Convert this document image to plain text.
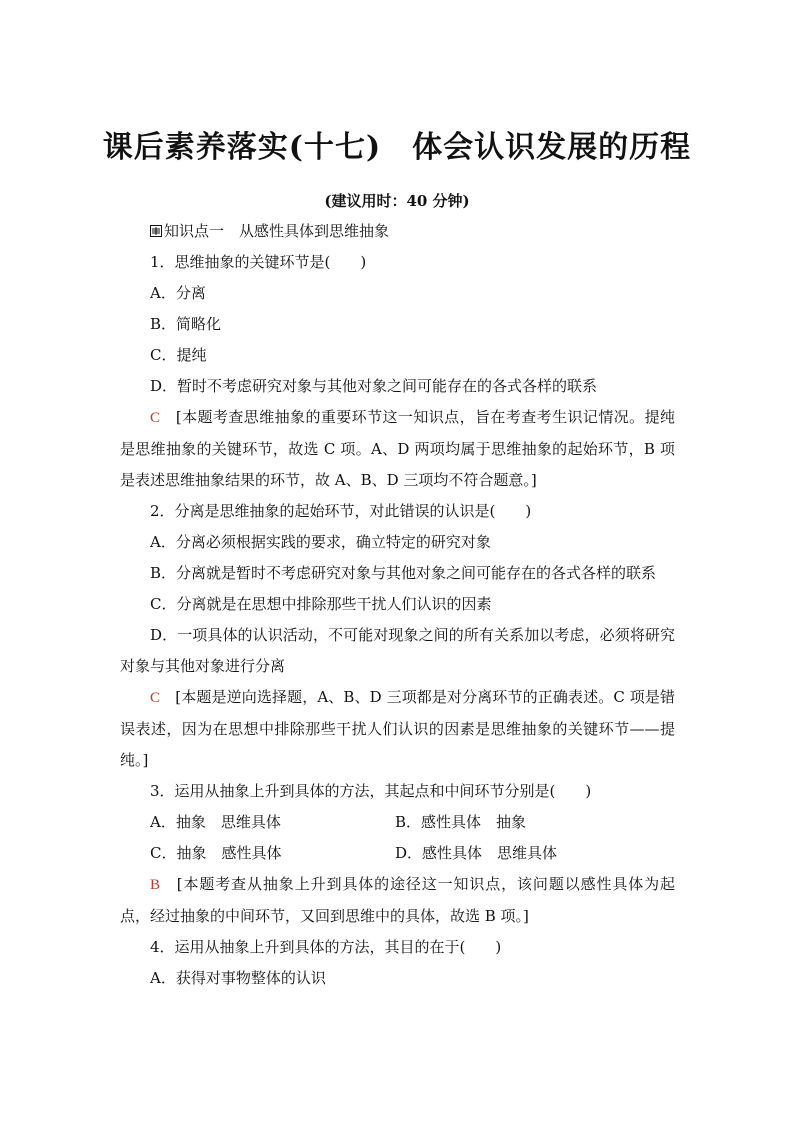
课后素养落实(十七)　体会认识发展的历程
(建议用时：40 分钟)
知识点一　从感性具体到思维抽象
1．思维抽象的关键环节是(　　)
A．分离
B．简略化
C．提纯
D．暂时不考虑研究对象与其他对象之间可能存在的各式各样的联系
C　[本题考查思维抽象的重要环节这一知识点，旨在考查考生识记情况。提纯是思维抽象的关键环节，故选 C 项。A、D 两项均属于思维抽象的起始环节，B 项是表述思维抽象结果的环节，故 A、B、D 三项均不符合题意。]
2．分离是思维抽象的起始环节，对此错误的认识是(　　)
A．分离必须根据实践的要求，确立特定的研究对象
B．分离就是暂时不考虑研究对象与其他对象之间可能存在的各式各样的联系
C．分离就是在思想中排除那些干扰人们认识的因素
D．一项具体的认识活动，不可能对现象之间的所有关系加以考虑，必须将研究对象与其他对象进行分离
C　[本题是逆向选择题，A、B、D 三项都是对分离环节的正确表述。C 项是错误表述，因为在思想中排除那些干扰人们认识的因素是思维抽象的关键环节——提纯。]
3．运用从抽象上升到具体的方法，其起点和中间环节分别是(　　)
A．抽象　思维具体	B．感性具体　抽象
C．抽象　感性具体	D．感性具体　思维具体
B　[本题考查从抽象上升到具体的途径这一知识点，该问题以感性具体为起点，经过抽象的中间环节，又回到思维中的具体，故选 B 项。]
4．运用从抽象上升到具体的方法，其目的在于(　　)
A．获得对事物整体的认识
